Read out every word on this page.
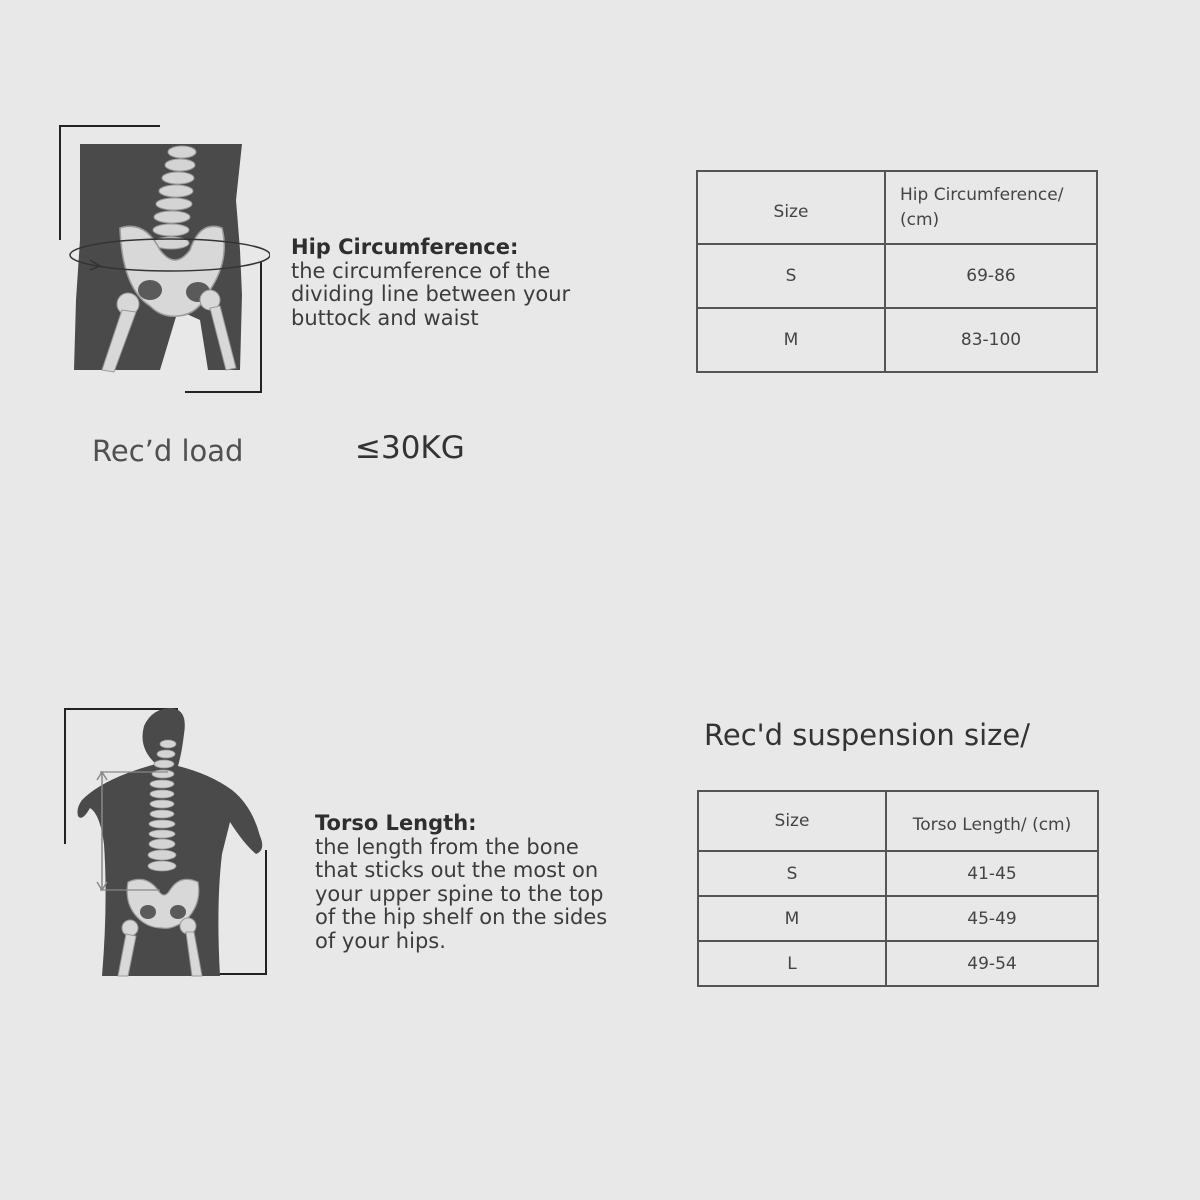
Hip Circumference:
the circumference of the
dividing line between your
buttock and waist
Size	Hip Circumference/
(cm)
S	69-86
M	83-100
Rec’d load	≤30KG
Torso Length:
the length from the bone
that sticks out the most on
your upper spine to the top
of the hip shelf on the sides
of your hips.
Rec'd suspension size/
Size	Torso Length/ (cm)
S	41-45
M	45-49
L	49-54
